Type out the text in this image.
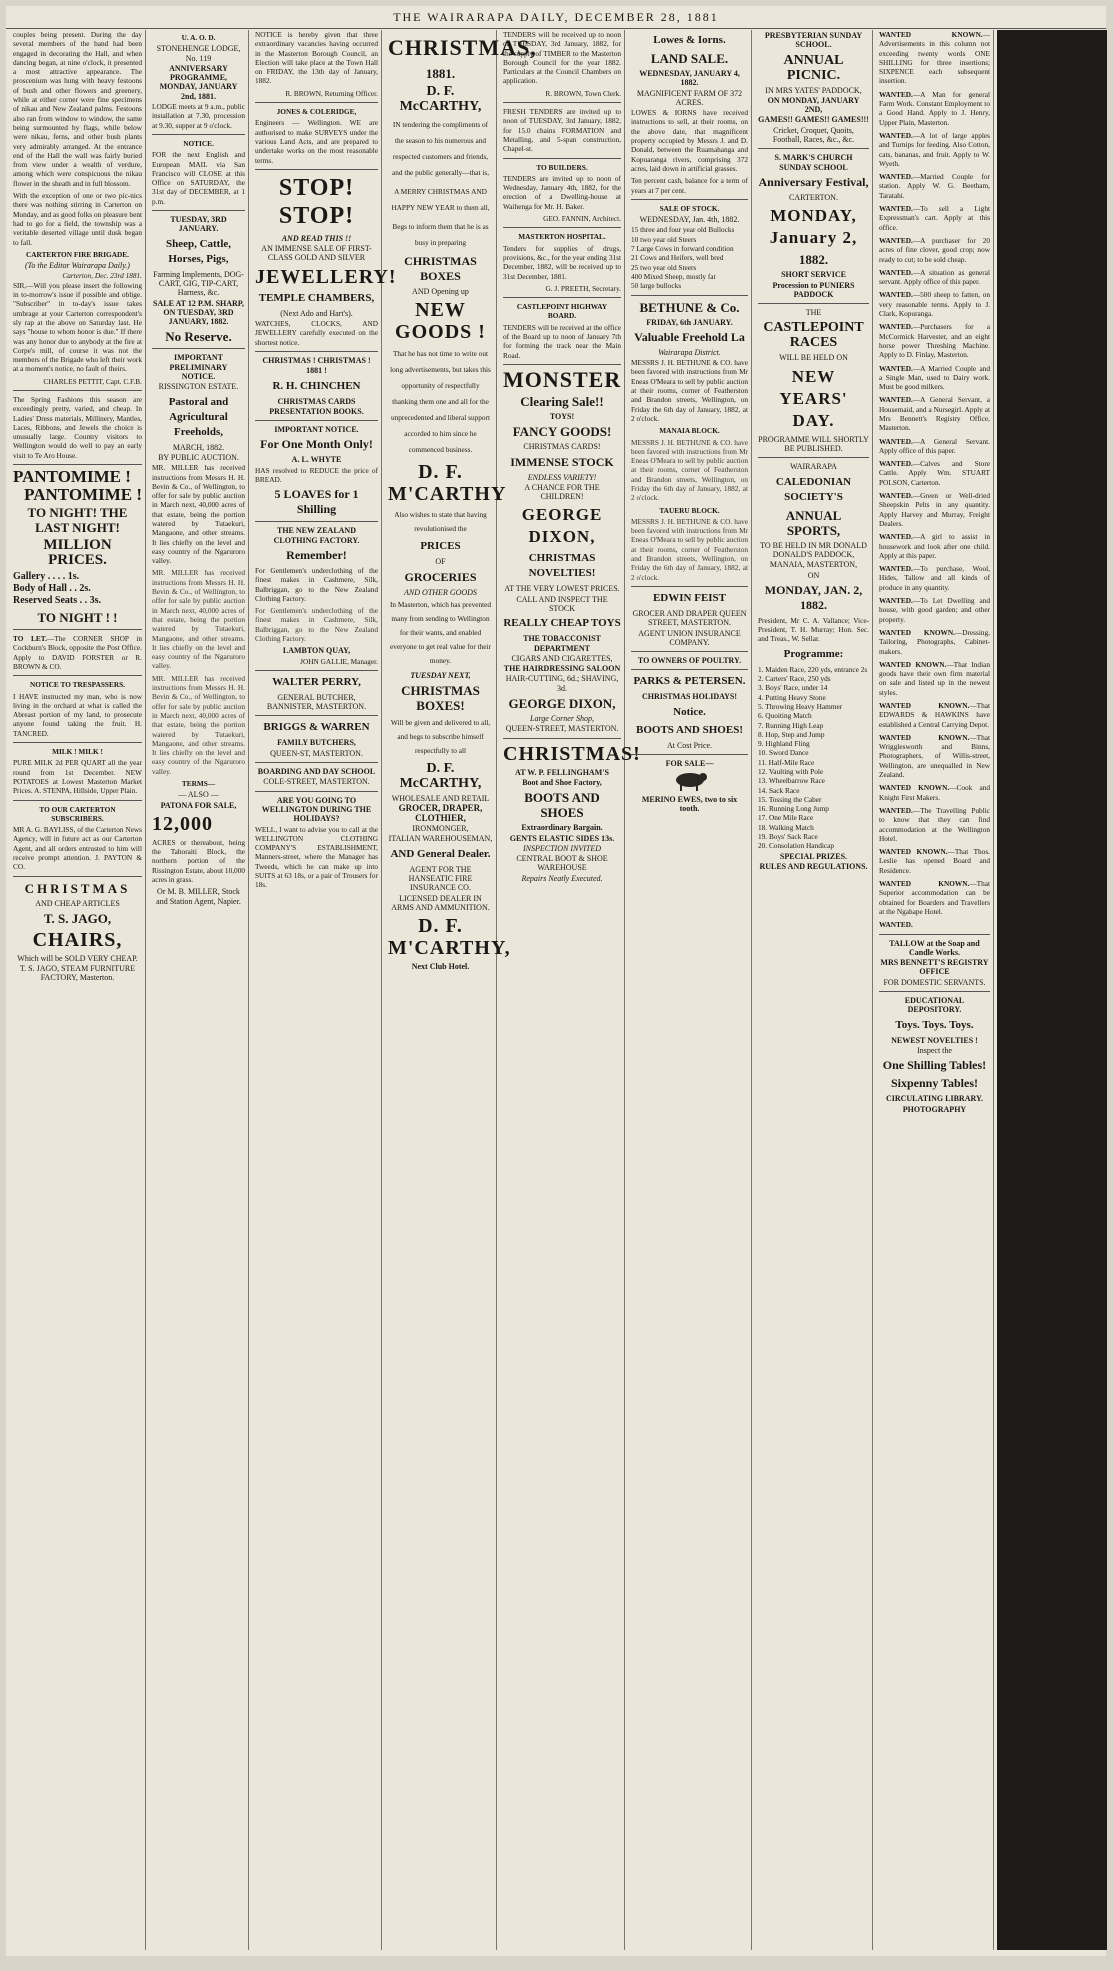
THE WAIRARAPA DAILY, DECEMBER 28, 1881

couples being present. During the day several members of the band had been engaged in decorating the Hall, and when dancing began, at nine o'clock, it presented a most attractive appearance. The proscenium was hung with heavy festoons of bush and other flowers and greenery, while at either corner were fine specimens of nikau and New Zealand palms. Festoons also ran from window to window, the same being surmounted by flags, while below were nikau, ferns, and other bush plants very admirably arranged. At the entrance end of the Hall the wall was fairly buried from view under a wealth of verdure, among which were conspicuous the nikau flower in the sheath and in full blossom.

With the exception of one or two pic-nics there was nothing stirring in Carterton on Monday, and as good folks on pleasure bent had to go for a field, the township was a veritable deserted village until dusk began to fall.

CARTERTON FIRE BRIGADE.
(To the Editor Wairarapa Daily.)
Carterton, Dec. 23rd 1881.

SIR,—Will you please insert the following in to-morrow's issue if possible and oblige. "Subscriber" in to-day's issue takes umbrage at your Carterton correspondent's sly rap at the above on Saturday last. He says "house to whom honor is due." If there was any honor due to anybody at the fire at Corpe's mill, of course it was not the members of the Brigade who left their work at a moment's notice, no fault of theirs.

CHARLES PETTIT, Capt. C.F.B.

The Spring Fashions this season are exceedingly pretty, varied, and cheap. In Ladies' Dress materials, Millinery, Mantles, Laces, Ribbons, and Jewels the choice is unusually large. Country visitors to Wellington would do well to pay an early visit to Te Aro House.

PANTOMIME !
PANTOMIME !
TO NIGHT! THE LAST NIGHT!
MILLION PRICES.
Gallery . . . . 1s.
Body of Hall . . 2s.
Reserved Seats . . 3s.
TO NIGHT ! !

TO LET.—The CORNER SHOP in Cockburn's Block, opposite the Post Office. Apply to DAVID FORSTER or R. BROWN & CO.

NOTICE TO TRESPASSERS.

I HAVE instructed my man, who is now living in the orchard at what is called the Abreast portion of my land, to prosecute anyone found taking the fruit. H. TANCRED.

MILK ! MILK !

PURE MILK 2d PER QUART all the year round from 1st December. NEW POTATOES at Lowest Masterton Market Prices. A. STENPA, Hillside, Upper Plain.

TO OUR CARTERTON SUBSCRIBERS.

MR A. G. BAYLISS, of the Carterton News Agency, will in future act as our Carterton Agent, and all orders entrusted to him will receive prompt attention. J. PAYTON & CO.

CHRISTMAS
AND CHEAP ARTICLES
T. S. JAGO,
CHAIRS,
Which will be SOLD VERY CHEAP.
T. S. JAGO, STEAM FURNITURE FACTORY, Masterton.
U. A. O. D.
STONEHENGE LODGE, No. 119
ANNIVERSARY PROGRAMME, MONDAY, JANUARY 2nd, 1881.

LODGE meets at 9 a.m., public installation at 7.30, procession at 9.30, supper at 9 o'clock.

NOTICE.

FOR the next English and European MAIL via San Francisco will CLOSE at this Office on SATURDAY, the 31st day of DECEMBER, at 1 p.m.

TUESDAY, 3RD JANUARY.
Sheep, Cattle, Horses, Pigs,
Farming Implements, DOG-CART, GIG, TIP-CART, Harness, &c.
SALE AT 12 P.M. SHARP, ON TUESDAY, 3RD JANUARY, 1882.
No Reserve.
IMPORTANT PRELIMINARY NOTICE.
RISSINGTON ESTATE.
Pastoral and Agricultural Freeholds,
MARCH, 1882.
BY PUBLIC AUCTION.

MR. MILLER has received instructions from Messrs H. H. Bevin & Co., of Wellington, to offer for sale by public auction in March next, 40,000 acres of that estate, being the portion watered by Tutaekuri, Mangaone, and other streams. It lies chiefly on the level and easy country of the Ngaruroro valley.

MR. MILLER has received instructions from Messrs H. H. Bevin & Co., of Wellington, to offer for sale by public auction in March next, 40,000 acres of that estate, being the portion watered by Tutaekuri, Mangaone, and other streams. It lies chiefly on the level and easy country of the Ngaruroro valley.

MR. MILLER has received instructions from Messrs H. H. Bevin & Co., of Wellington, to offer for sale by public auction in March next, 40,000 acres of that estate, being the portion watered by Tutaekuri, Mangaone, and other streams. It lies chiefly on the level and easy country of the Ngaruroro valley.

TERMS—
— ALSO —
PATONA FOR SALE,
12,000

ACRES or thereabout, being the Tahoraiti Block, the northern portion of the Rissington Estate, about 10,000 acres in grass.

Or M. B. MILLER, Stock and Station Agent, Napier.

NOTICE is hereby given that three extraordinary vacancies having occurred in the Masterton Borough Council, an Election will take place at the Town Hall on FRIDAY, the 13th day of January, 1882.

R. BROWN, Returning Officer.
JONES & COLERIDGE,

Engineers — Wellington. WE are authorised to make SURVEYS under the various Land Acts, and are prepared to undertake works on the most reasonable terms.

STOP! STOP!
AND READ THIS !!
AN IMMENSE SALE OF FIRST-CLASS GOLD AND SILVER
JEWELLERY!
TEMPLE CHAMBERS,
(Next Ado and Hart's).

WATCHES, CLOCKS, AND JEWELLERY carefully executed on the shortest notice.

CHRISTMAS ! CHRISTMAS !
1881 !
R. H. CHINCHEN
CHRISTMAS CARDS
PRESENTATION BOOKS.
IMPORTANT NOTICE.
For One Month Only!
A. L. WHYTE

HAS resolved to REDUCE the price of BREAD.

5 LOAVES for 1 Shilling
THE NEW ZEALAND CLOTHING FACTORY.
Remember!

For Gentlemen's underclothing of the finest makes in Cashmere, Silk, Balbriggan, go to the New Zealand Clothing Factory.

For Gentlemen's underclothing of the finest makes in Cashmere, Silk, Balbriggan, go to the New Zealand Clothing Factory.

LAMBTON QUAY,
JOHN GALLIE, Manager.
WALTER PERRY,
GENERAL BUTCHER, BANNISTER, MASTERTON.
BRIGGS & WARREN
FAMILY BUTCHERS,
QUEEN-ST, MASTERTON.
BOARDING AND DAY SCHOOL
COLE-STREET, MASTERTON.
ARE YOU GOING TO WELLINGTON DURING THE HOLIDAYS?

WELL, I want to advise you to call at the WELLINGTON CLOTHING COMPANY'S ESTABLISHMENT, Manners-street, where the Manager has Tweeds, which he can make up into SUITS at 63 18s, or a pair of Trousers for 18s.

CHRISTMAS,
1881.
D. F. McCARTHY,

IN tendering the compliments of the season to his numerous and respected customers and friends, and the public generally—that is,

A MERRY CHRISTMAS AND HAPPY NEW YEAR to them all,

Begs to inform them that he is as busy in preparing

CHRISTMAS BOXES
AND Opening up
NEW GOODS !

That he has not time to write out long advertisements, but takes this opportunity of respectfully thanking them one and all for the unprecedented and liberal support accorded to him since he commenced business.

D. F. M'CARTHY

Also wishes to state that having revolutionised the

PRICES
OF
GROCERIES
AND OTHER GOODS

In Masterton, which has prevented many from sending to Wellington for their wants, and enabled everyone to get real value for their money.

TUESDAY NEXT,
CHRISTMAS BOXES!

Will be given and delivered to all, and begs to subscribe himself respectfully to all

D. F. McCARTHY,
WHOLESALE AND RETAIL
GROCER, DRAPER, CLOTHIER,
IRONMONGER,
ITALIAN WAREHOUSEMAN,
AND General Dealer.
AGENT FOR THE HANSEATIC FIRE INSURANCE CO.
LICENSED DEALER IN ARMS AND AMMUNITION.
D. F. M'CARTHY,
Next Club Hotel.

TENDERS will be received up to noon of TUESDAY, 3rd January, 1882, for the supply of TIMBER to the Masterton Borough Council for the year 1882. Particulars at the Council Chambers on application.

R. BROWN, Town Clerk.

FRESH TENDERS are invited up to noon of TUESDAY, 3rd January, 1882, for 15.0 chains FORMATION and Metalling, and 5-span construction, Chapel-st.

TO BUILDERS.

TENDERS are invited up to noon of Wednesday, January 4th, 1882, for the erection of a Dwelling-house at Waihenga for Mr. H. Baker.

GEO. FANNIN, Architect.
MASTERTON HOSPITAL.

Tenders for supplies of drugs, provisions, &c., for the year ending 31st December, 1882, will be received up to 31st December, 1881.

G. J. PREETH, Secretary.
CASTLEPOINT HIGHWAY BOARD.

TENDERS will be received at the office of the Board up to noon of January 7th for forming the track near the Main Road.

MONSTER
Clearing Sale!!
TOYS!
FANCY GOODS!
CHRISTMAS CARDS!
IMMENSE STOCK
ENDLESS VARIETY!
A CHANCE FOR THE CHILDREN!
GEORGE DIXON,
CHRISTMAS NOVELTIES!
AT THE VERY LOWEST PRICES.
CALL AND INSPECT THE STOCK
REALLY CHEAP TOYS
THE TOBACCONIST DEPARTMENT
CIGARS AND CIGARETTES,
THE HAIRDRESSING SALOON
HAIR-CUTTING, 6d.; SHAVING, 3d.
GEORGE DIXON,
Large Corner Shop,
QUEEN-STREET, MASTERTON.
CHRISTMAS!
AT W. P. FELLINGHAM'S
Boot and Shoe Factory,
BOOTS AND SHOES
Extraordinary Bargain.
GENTS ELASTIC SIDES 13s.
INSPECTION INVITED
CENTRAL BOOT & SHOE WAREHOUSE
Repairs Neatly Executed.
Lowes & Iorns.
LAND SALE.
WEDNESDAY, JANUARY 4, 1882.
MAGNIFICENT FARM OF 372 ACRES.

LOWES & IORNS have received instructions to sell, at their rooms, on the above date, that magnificent property occupied by Messrs J. and D. Donald, between the Ruamahanga and Kopuaranga rivers, comprising 372 acres, laid down in artificial grasses.

Ten percent cash, balance for a term of years at 7 per cent.

SALE OF STOCK.
WEDNESDAY, Jan. 4th, 1882.
15 three and four year old Bullocks
10 two year old Steers
7 Large Cows in forward condition
21 Cows and Heifers, well bred
25 two year old Steers
400 Mixed Sheep, mostly fat
50 large bullocks
BETHUNE & Co.
FRIDAY, 6th JANUARY.
Valuable Freehold La
Wairarapa District.

MESSRS J. H. BETHUNE & CO. have been favored with instructions from Mr Eneas O'Meara to sell by public auction at their rooms, corner of Featherston and Brandon streets, Wellington, on Friday the 6th day of January, 1882, at 2 o'clock.

MANAIA BLOCK.

MESSRS J. H. BETHUNE & CO. have been favored with instructions from Mr Eneas O'Meara to sell by public auction at their rooms, corner of Featherston and Brandon streets, Wellington, on Friday the 6th day of January, 1882, at 2 o'clock.

TAUERU BLOCK.

MESSRS J. H. BETHUNE & CO. have been favored with instructions from Mr Eneas O'Meara to sell by public auction at their rooms, corner of Featherston and Brandon streets, Wellington, on Friday the 6th day of January, 1882, at 2 o'clock.

EDWIN FEIST
GROCER AND DRAPER QUEEN STREET, MASTERTON.
AGENT UNION INSURANCE COMPANY.
TO OWNERS OF POULTRY.
PARKS & PETERSEN.
CHRISTMAS HOLIDAYS!
Notice.
BOOTS AND SHOES!
At Cost Price.
FOR SALE—
MERINO EWES, two to six tooth.
PRESBYTERIAN SUNDAY SCHOOL.
ANNUAL PICNIC.
IN MRS YATES' PADDOCK,
ON MONDAY, JANUARY 2ND,
GAMES!! GAMES!! GAMES!!!
Cricket, Croquet, Quoits, Football, Races, &c., &c.
S. MARK'S CHURCH SUNDAY SCHOOL
Anniversary Festival,
CARTERTON.
MONDAY, January 2,
1882.
SHORT SERVICE
Procession to PUNIERS PADDOCK
THE
CASTLEPOINT RACES
WILL BE HELD ON
NEW YEARS' DAY.
PROGRAMME WILL SHORTLY BE PUBLISHED.
WAIRARAPA
CALEDONIAN SOCIETY'S
ANNUAL SPORTS,
TO BE HELD IN MR DONALD DONALD'S PADDOCK,
MANAIA, MASTERTON,
ON
MONDAY, JAN. 2, 1882.

President, Mr C. A. Vallance; Vice-President, T. H. Murray; Hon. Sec. and Treas., W. Sellar.

Programme:
1. Maiden Race, 220 yds, entrance 2s
2. Carters' Race, 250 yds
3. Boys' Race, under 14
4. Putting Heavy Stone
5. Throwing Heavy Hammer
6. Quoiting Match
7. Running High Leap
8. Hop, Step and Jump
9. Highland Fling
10. Sword Dance
11. Half-Mile Race
12. Vaulting with Pole
13. Wheelbarrow Race
14. Sack Race
15. Tossing the Caber
16. Running Long Jump
17. One Mile Race
18. Walking Match
19. Boys' Sack Race
20. Consolation Handicap
SPECIAL PRIZES.
RULES AND REGULATIONS.
WANTED KNOWN.—Advertisements in this column not exceeding twenty words ONE SHILLING for three insertions; SIXPENCE each subsequent insertion.
WANTED.—A Man for general Farm Work. Constant Employment to a Good Hand. Apply to J. Henry, Upper Plain, Masterton.
WANTED.—A lot of large apples and Turnips for feeding. Also Cotton, cats, bananas, and fruit. Apply to W. Wyeth.
WANTED.—Married Couple for station. Apply W. G. Beetham, Taratahi.
WANTED.—To sell a Light Expressman's cart. Apply at this office.
WANTED.—A purchaser for 20 acres of fine clover, good crop; now ready to cut; to be sold cheap.
WANTED.—A situation as general servant. Apply office of this paper.
WANTED.—500 sheep to fatten, on very reasonable terms. Apply to J. Clark, Kopuranga.
WANTED.—Purchasers for a McCormick Harvester, and an eight horse power Threshing Machine. Apply to D. Finlay, Masterton.
WANTED.—A Married Couple and a Single Man, used to Dairy work. Must be good milkers.
WANTED.—A General Servant, a Housemaid, and a Nursegirl. Apply at Mrs Bennett's Registry Office, Masterton.
WANTED.—A General Servant. Apply office of this paper.
WANTED.—Calves and Store Cattle. Apply Wm. STUART POLSON, Carterton.
WANTED.—Green or Well-dried Sheepskin Pelts in any quantity. Apply Harvey and Murray, Freight Dealers.
WANTED.—A girl to assist in housework and look after one child. Apply at this paper.
WANTED.—To purchase, Wool, Hides, Tallow and all kinds of produce in any quantity.
WANTED.—To Let Dwelling and house, with good garden; and other property.
WANTED KNOWN.—Dressing, Tailoring, Photographs, Cabinet-makers.
WANTED KNOWN.—That Indian goods have their own firm material on sale and listed up in the newest styles.
WANTED KNOWN.—That EDWARDS & HAWKINS have established a Central Carrying Depot.
WANTED KNOWN.—That Wrigglesworth and Binns, Photographers, of Willis-street, Wellington, are unequalled in New Zealand.
WANTED KNOWN.—Cook and Knight First Makers.
WANTED.—The Travelling Public to know that they can find accommodation at the Wellington Hotel.
WANTED KNOWN.—That Thos. Leslie has opened Board and Residence.
WANTED KNOWN.—That Superior accommodation can be obtained for Boarders and Travellers at the Ngahape Hotel.
WANTED.
TALLOW at the Soap and Candle Works.
MRS BENNETT'S REGISTRY OFFICE
FOR DOMESTIC SERVANTS.
EDUCATIONAL DEPOSITORY.
Toys. Toys. Toys.
NEWEST NOVELTIES !
Inspect the
One Shilling Tables!
Sixpenny Tables!
CIRCULATING LIBRARY.
PHOTOGRAPHY
